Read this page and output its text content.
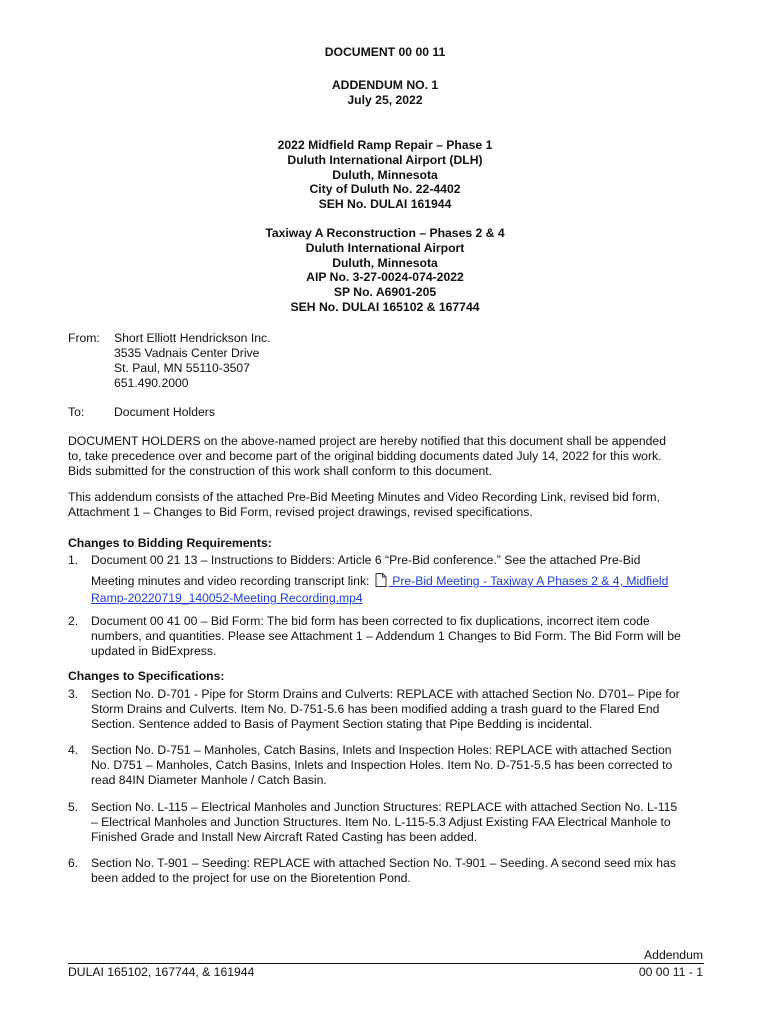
DOCUMENT 00 00 11
ADDENDUM NO. 1
July 25, 2022
2022 Midfield Ramp Repair – Phase 1
Duluth International Airport (DLH)
Duluth, Minnesota
City of Duluth No. 22-4402
SEH No. DULAI 161944
Taxiway A Reconstruction – Phases 2 & 4
Duluth International Airport
Duluth, Minnesota
AIP No. 3-27-0024-074-2022
SP No. A6901-205
SEH No. DULAI 165102 & 167744
From: Short Elliott Hendrickson Inc.
3535 Vadnais Center Drive
St. Paul, MN 55110-3507
651.490.2000
To: Document Holders
DOCUMENT HOLDERS on the above-named project are hereby notified that this document shall be appended
to, take precedence over and become part of the original bidding documents dated July 14, 2022 for this work.
Bids submitted for the construction of this work shall conform to this document.
This addendum consists of the attached Pre-Bid Meeting Minutes and Video Recording Link, revised bid form,
Attachment 1 – Changes to Bid Form, revised project drawings, revised specifications.
Changes to Bidding Requirements:
1.	Document 00 21 13 – Instructions to Bidders: Article 6 “Pre-Bid conference.” See the attached Pre-Bid
Meeting minutes and video recording transcript link:  Pre-Bid Meeting - Taxiway A Phases 2 & 4, Midfield
Ramp-20220719_140052-Meeting Recording.mp4
2.	Document 00 41 00 – Bid Form: The bid form has been corrected to fix duplications, incorrect item code
numbers, and quantities. Please see Attachment 1 – Addendum 1 Changes to Bid Form. The Bid Form will be
updated in BidExpress.
Changes to Specifications:
3.	Section No. D-701 - Pipe for Storm Drains and Culverts: REPLACE with attached Section No. D701– Pipe for
Storm Drains and Culverts. Item No. D-751-5.6 has been modified adding a trash guard to the Flared End
Section. Sentence added to Basis of Payment Section stating that Pipe Bedding is incidental.
4.	Section No. D-751 – Manholes, Catch Basins, Inlets and Inspection Holes: REPLACE with attached Section
No. D751 – Manholes, Catch Basins, Inlets and Inspection Holes. Item No. D-751-5.5 has been corrected to
read 84IN Diameter Manhole / Catch Basin.
5.	Section No. L-115 – Electrical Manholes and Junction Structures: REPLACE with attached Section No. L-115
– Electrical Manholes and Junction Structures. Item No. L-115-5.3 Adjust Existing FAA Electrical Manhole to
Finished Grade and Install New Aircraft Rated Casting has been added.
6.	Section No. T-901 – Seeding: REPLACE with attached Section No. T-901 – Seeding. A second seed mix has
been added to the project for use on the Bioretention Pond.
Addendum
DULAI 165102, 167744, & 161944	00 00 11 - 1
